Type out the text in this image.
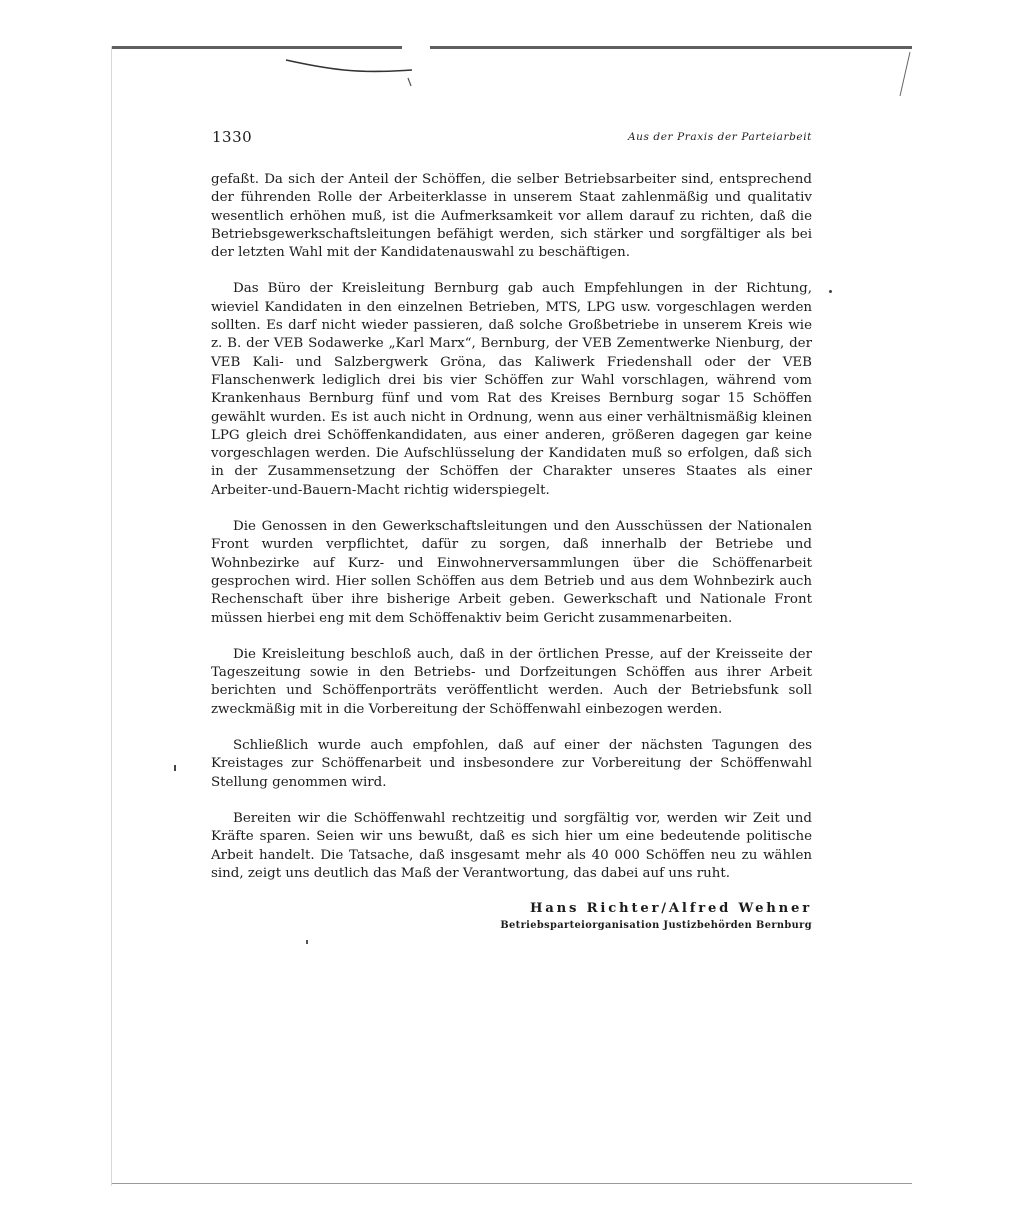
1330	Aus der Praxis der Parteiarbeit

gefaßt. Da sich der Anteil der Schöffen, die selber Betriebsarbeiter sind, entsprechend der führenden Rolle der Arbeiterklasse in unserem Staat zahlenmäßig und qualitativ wesentlich erhöhen muß, ist die Aufmerksamkeit vor allem darauf zu richten, daß die Betriebsgewerkschaftsleitungen befähigt werden, sich stärker und sorgfältiger als bei der letzten Wahl mit der Kandidatenauswahl zu beschäftigen.

Das Büro der Kreisleitung Bernburg gab auch Empfehlungen in der Richtung, wieviel Kandidaten in den einzelnen Betrieben, MTS, LPG usw. vorgeschlagen werden sollten. Es darf nicht wieder passieren, daß solche Großbetriebe in unserem Kreis wie z. B. der VEB Sodawerke „Karl Marx“, Bernburg, der VEB Zementwerke Nienburg, der VEB Kali- und Salzbergwerk Gröna, das Kaliwerk Friedenshall oder der VEB Flanschenwerk lediglich drei bis vier Schöffen zur Wahl vorschlagen, während vom Krankenhaus Bernburg fünf und vom Rat des Kreises Bernburg sogar 15 Schöffen gewählt wurden. Es ist auch nicht in Ordnung, wenn aus einer verhältnismäßig kleinen LPG gleich drei Schöffenkandidaten, aus einer anderen, größeren dagegen gar keine vorgeschlagen werden. Die Aufschlüsselung der Kandidaten muß so erfolgen, daß sich in der Zusammensetzung der Schöffen der Charakter unseres Staates als einer Arbeiter-und-Bauern-Macht richtig widerspiegelt.

Die Genossen in den Gewerkschaftsleitungen und den Ausschüssen der Nationalen Front wurden verpflichtet, dafür zu sorgen, daß innerhalb der Betriebe und Wohnbezirke auf Kurz- und Einwohnerversammlungen über die Schöffenarbeit gesprochen wird. Hier sollen Schöffen aus dem Betrieb und aus dem Wohnbezirk auch Rechenschaft über ihre bisherige Arbeit geben. Gewerkschaft und Nationale Front müssen hierbei eng mit dem Schöffenaktiv beim Gericht zusammenarbeiten.

Die Kreisleitung beschloß auch, daß in der örtlichen Presse, auf der Kreisseite der Tageszeitung sowie in den Betriebs- und Dorfzeitungen Schöffen aus ihrer Arbeit berichten und Schöffenporträts veröffentlicht werden. Auch der Betriebsfunk soll zweckmäßig mit in die Vorbereitung der Schöffenwahl einbezogen werden.

Schließlich wurde auch empfohlen, daß auf einer der nächsten Tagungen des Kreistages zur Schöffenarbeit und insbesondere zur Vorbereitung der Schöffenwahl Stellung genommen wird.

Bereiten wir die Schöffenwahl rechtzeitig und sorgfältig vor, werden wir Zeit und Kräfte sparen. Seien wir uns bewußt, daß es sich hier um eine bedeutende politische Arbeit handelt. Die Tatsache, daß insgesamt mehr als 40 000 Schöffen neu zu wählen sind, zeigt uns deutlich das Maß der Verantwortung, das dabei auf uns ruht.

Hans Richter/Alfred Wehner
Betriebsparteiorganisation Justizbehörden Bernburg
